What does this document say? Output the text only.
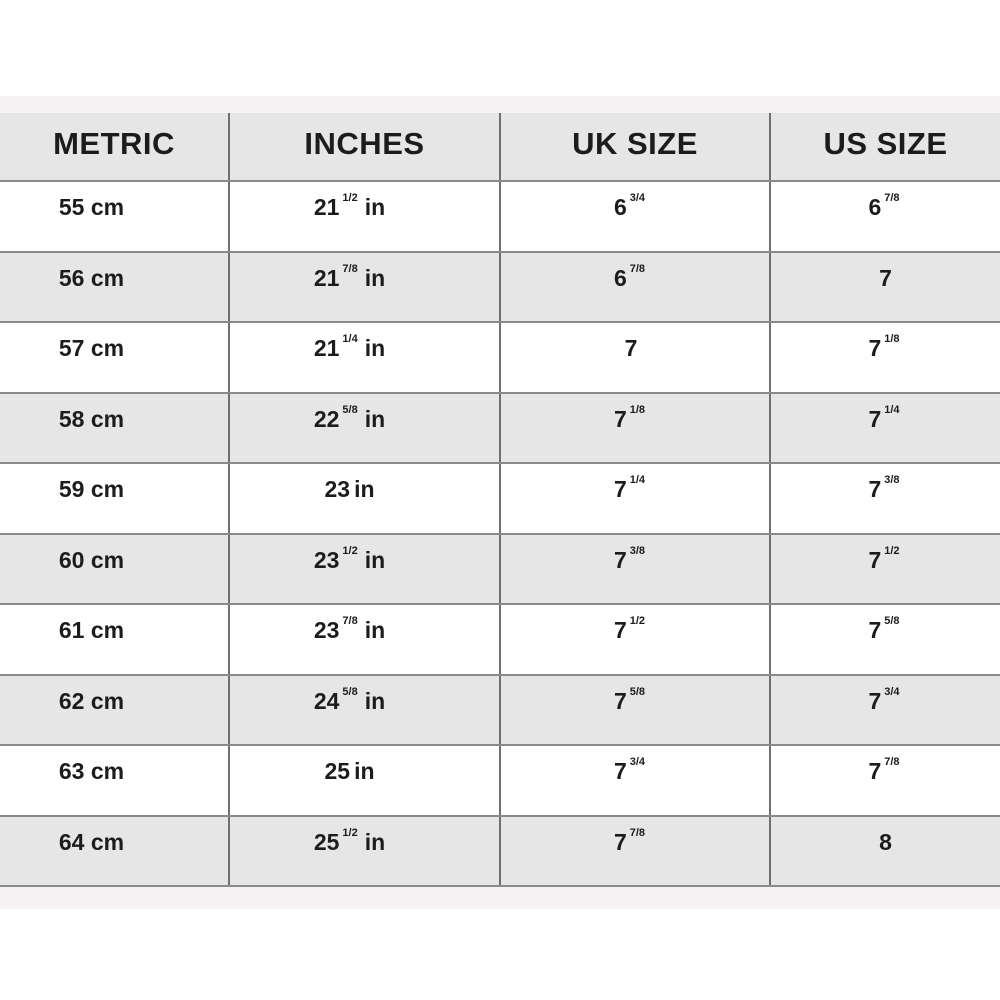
METRIC	INCHES	UK SIZE	US SIZE
55 cm	21 $^{1/2}$ in	6 $^{3/4}$	6 $^{7/8}$
56 cm	21 $^{7/8}$ in	6 $^{7/8}$	7
57 cm	21 $^{1/4}$ in	7	7 $^{1/8}$
58 cm	22 $^{5/8}$ in	7 $^{1/8}$	7 $^{1/4}$
59 cm	23 in	7 $^{1/4}$	7 $^{3/8}$
60 cm	23 $^{1/2}$ in	7 $^{3/8}$	7 $^{1/2}$
61 cm	23 $^{7/8}$ in	7 $^{1/2}$	7 $^{5/8}$
62 cm	24 $^{5/8}$ in	7 $^{5/8}$	7 $^{3/4}$
63 cm	25 in	7 $^{3/4}$	7 $^{7/8}$
64 cm	25 $^{1/2}$ in	7 $^{7/8}$	8
